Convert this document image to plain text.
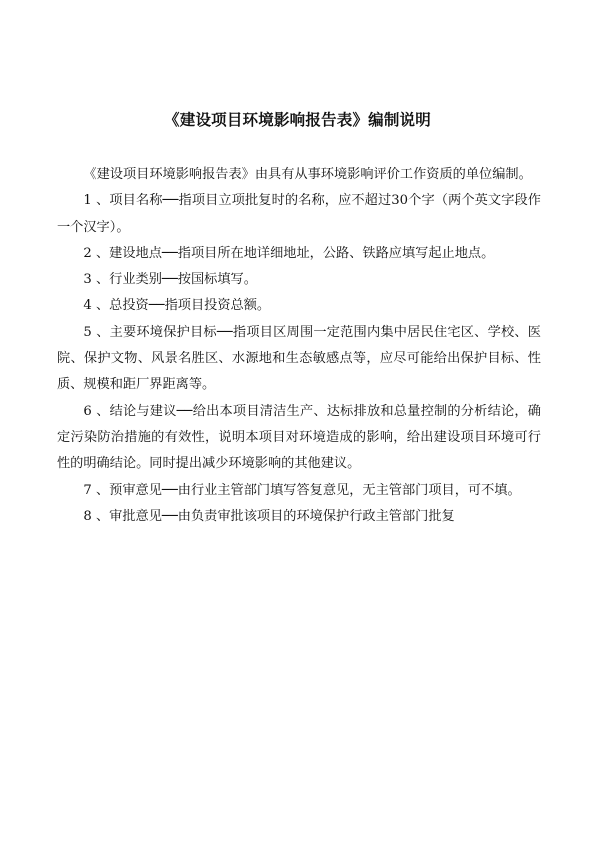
《建设项目环境影响报告表》编制说明

《建设项目环境影响报告表》由具有从事环境影响评价工作资质的单位编制。

1 、项目名称──指项目立项批复时的名称，应不超过30个字（两个英文字段作一个汉字）。

2 、建设地点──指项目所在地详细地址，公路、铁路应填写起止地点。

3 、行业类别──按国标填写。

4 、总投资──指项目投资总额。

5 、主要环境保护目标──指项目区周围一定范围内集中居民住宅区、学校、医院、保护文物、风景名胜区、水源地和生态敏感点等，应尽可能给出保护目标、性质、规模和距厂界距离等。

6 、结论与建议──给出本项目清洁生产、达标排放和总量控制的分析结论，确定污染防治措施的有效性，说明本项目对环境造成的影响，给出建设项目环境可行性的明确结论。同时提出减少环境影响的其他建议。

7 、预审意见──由行业主管部门填写答复意见，无主管部门项目，可不填。

8 、审批意见──由负责审批该项目的环境保护行政主管部门批复
